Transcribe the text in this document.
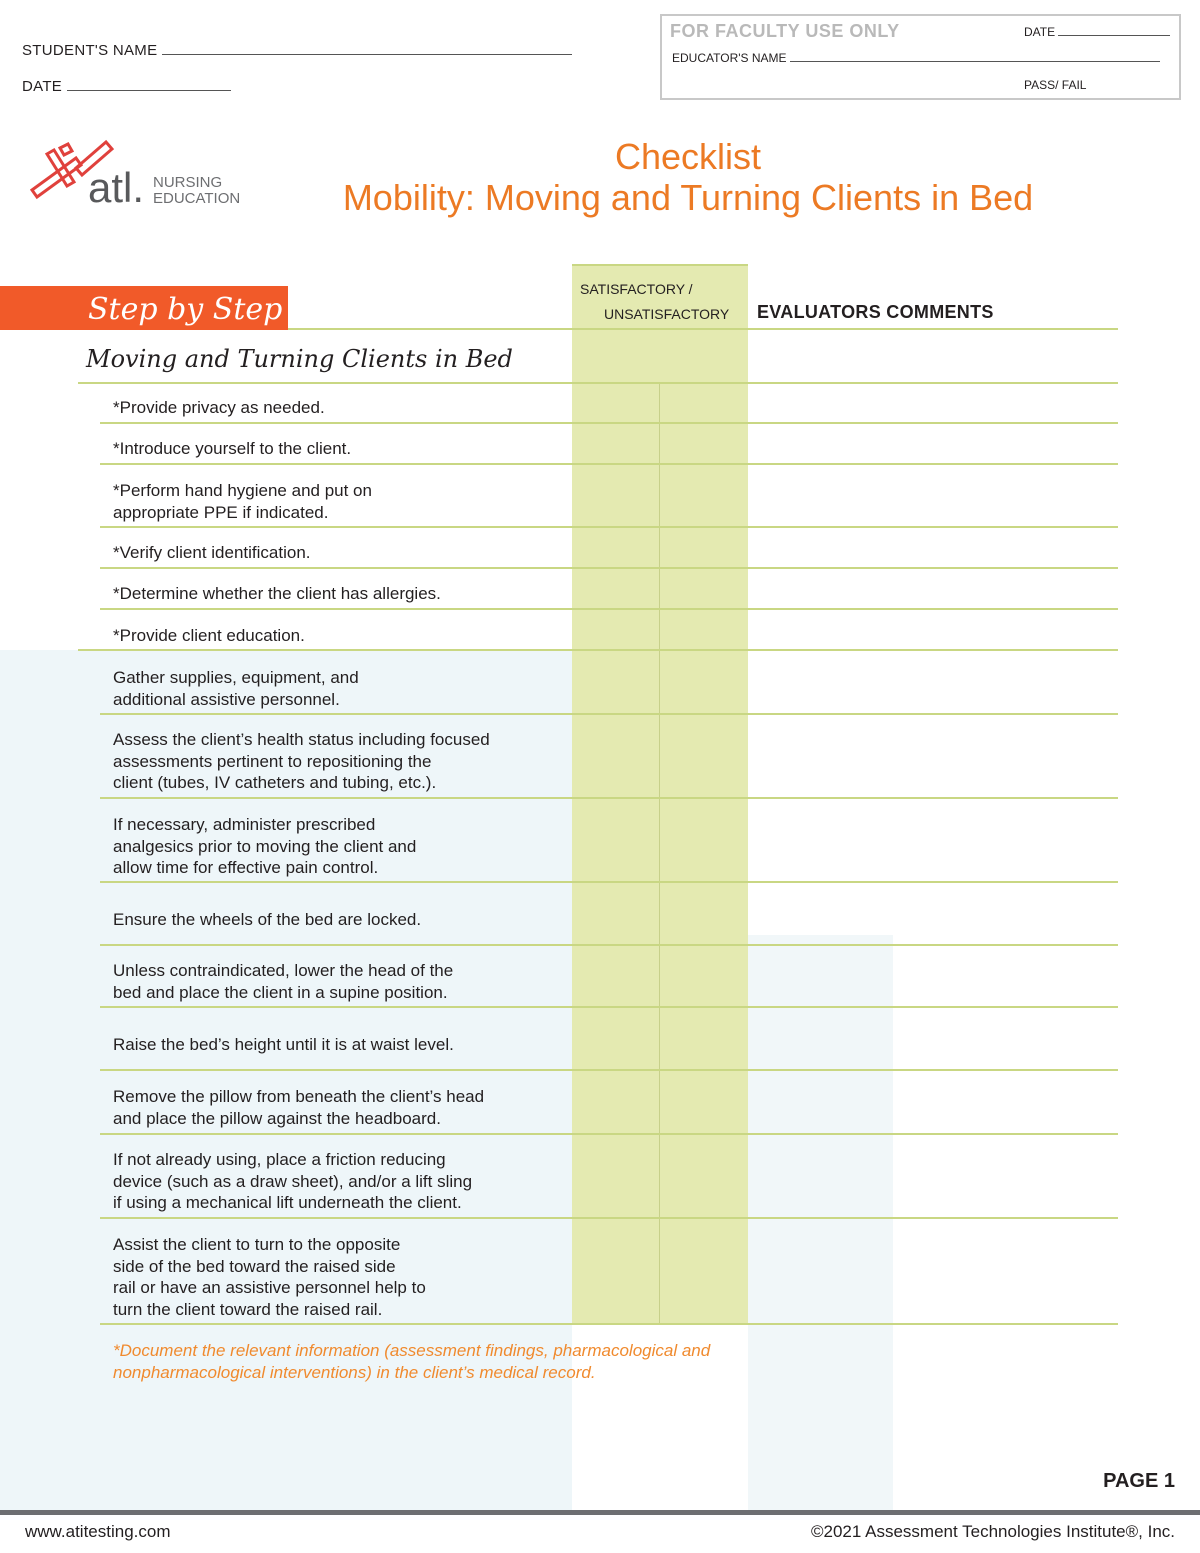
STUDENT'S NAME
DATE
FOR FACULTY USE ONLY	DATE
EDUCATOR'S NAME
PASS/ FAIL
atl. NURSING
EDUCATION
Checklist
Mobility: Moving and Turning Clients in Bed
Step by Step
SATISFACTORY /
UNSATISFACTORY EVALUATORS COMMENTS
Moving and Turning Clients in Bed
*Provide privacy as needed.
*Introduce yourself to the client.
*Perform hand hygiene and put on
appropriate PPE if indicated.
*Verify client identification.
*Determine whether the client has allergies.
*Provide client education.
Gather supplies, equipment, and
additional assistive personnel.
Assess the client’s health status including focused
assessments pertinent to repositioning the
client (tubes, IV catheters and tubing, etc.).
If necessary, administer prescribed
analgesics prior to moving the client and
allow time for effective pain control.
Ensure the wheels of the bed are locked.
Unless contraindicated, lower the head of the
bed and place the client in a supine position.
Raise the bed’s height until it is at waist level.
Remove the pillow from beneath the client’s head
and place the pillow against the headboard.
If not already using, place a friction reducing
device (such as a draw sheet), and/or a lift sling
if using a mechanical lift underneath the client.
Assist the client to turn to the opposite
side of the bed toward the raised side
rail or have an assistive personnel help to
turn the client toward the raised rail.
*Document the relevant information (assessment findings, pharmacological and
nonpharmacological interventions) in the client’s medical record.
PAGE 1
www.atitesting.com	©2021 Assessment Technologies Institute®, Inc.
